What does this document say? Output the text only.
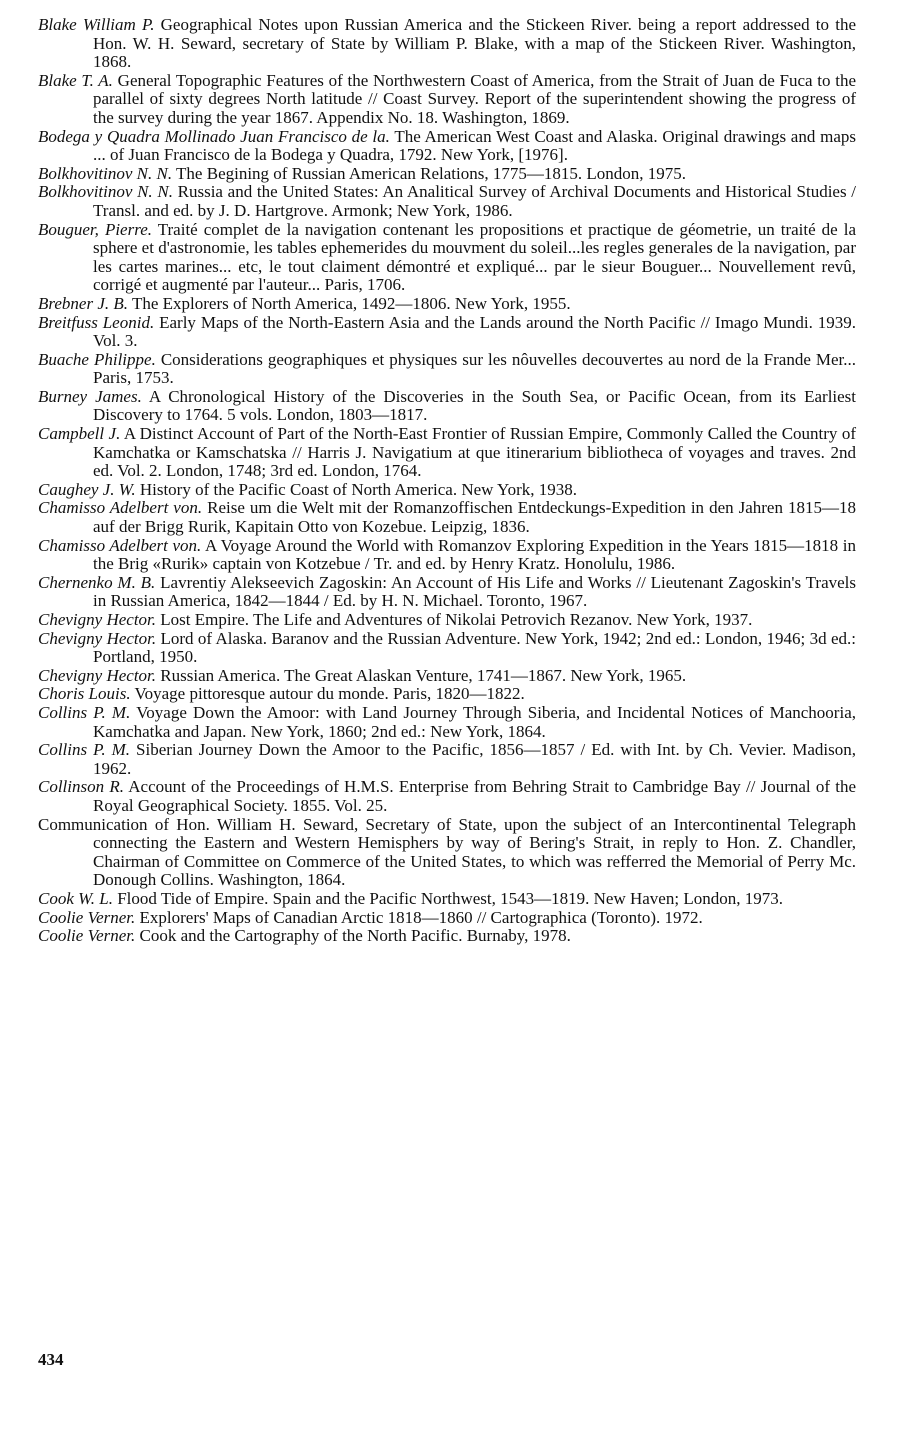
Blake William P. Geographical Notes upon Russian America and the Stickeen River. being a report addressed to the Hon. W. H. Seward, secretary of State by William P. Blake, with a map of the Stickeen River. Washington, 1868.

Blake T. A. General Topographic Features of the Northwestern Coast of America, from the Strait of Juan de Fuca to the parallel of sixty degrees North latitude // Coast Survey. Report of the superintendent showing the progress of the survey during the year 1867. Appendix No. 18. Washington, 1869.

Bodega y Quadra Mollinado Juan Francisco de la. The American West Coast and Alaska. Original drawings and maps ... of Juan Francisco de la Bodega y Quadra, 1792. New York, [1976].

Bolkhovitinov N. N. The Begining of Russian American Relations, 1775—1815. London, 1975.

Bolkhovitinov N. N. Russia and the United States: An Analitical Survey of Archival Documents and Historical Studies / Transl. and ed. by J. D. Hartgrove. Armonk; New York, 1986.

Bouguer, Pierre. Traité complet de la navigation contenant les propositions et practique de géometrie, un traité de la sphere et d'astronomie, les tables ephemerides du mouvment du soleil...les regles generales de la navigation, par les cartes marines... etc, le tout claiment démontré et expliqué... par le sieur Bouguer... Nouvellement revû, corrigé et augmenté par l'auteur... Paris, 1706.

Brebner J. B. The Explorers of North America, 1492—1806. New York, 1955.

Breitfuss Leonid. Early Maps of the North-Eastern Asia and the Lands around the North Pacific // Imago Mundi. 1939. Vol. 3.

Buache Philippe. Considerations geographiques et physiques sur les nôuvelles decouvertes au nord de la Frande Mer... Paris, 1753.

Burney James. A Chronological History of the Discoveries in the South Sea, or Pacific Ocean, from its Earliest Discovery to 1764. 5 vols. London, 1803—1817.

Campbell J. A Distinct Account of Part of the North-East Frontier of Russian Empire, Commonly Called the Country of Kamchatka or Kamschatska // Harris J. Navigatium at que itinerarium bibliotheca of voyages and traves. 2nd ed. Vol. 2. London, 1748; 3rd ed. London, 1764.

Caughey J. W. History of the Pacific Coast of North America. New York, 1938.

Chamisso Adelbert von. Reise um die Welt mit der Romanzoffischen Entdeckungs-Expedition in den Jahren 1815—18 auf der Brigg Rurik, Kapitain Otto von Kozebue. Leipzig, 1836.

Chamisso Adelbert von. A Voyage Around the World with Romanzov Exploring Expedition in the Years 1815—1818 in the Brig «Rurik» captain von Kotzebue / Tr. and ed. by Henry Kratz. Honolulu, 1986.

Chernenko M. B. Lavrentiy Alekseevich Zagoskin: An Account of His Life and Works // Lieutenant Zagoskin's Travels in Russian America, 1842—1844 / Ed. by H. N. Michael. Toronto, 1967.

Chevigny Hector. Lost Empire. The Life and Adventures of Nikolai Petrovich Rezanov. New York, 1937.

Chevigny Hector. Lord of Alaska. Baranov and the Russian Adventure. New York, 1942; 2nd ed.: London, 1946; 3d ed.: Portland, 1950.

Chevigny Hector. Russian America. The Great Alaskan Venture, 1741—1867. New York, 1965.

Choris Louis. Voyage pittoresque autour du monde. Paris, 1820—1822.

Collins P. M. Voyage Down the Amoor: with Land Journey Through Siberia, and Incidental Notices of Manchooria, Kamchatka and Japan. New York, 1860; 2nd ed.: New York, 1864.

Collins P. M. Siberian Journey Down the Amoor to the Pacific, 1856—1857 / Ed. with Int. by Ch. Vevier. Madison, 1962.

Collinson R. Account of the Proceedings of H.M.S. Enterprise from Behring Strait to Cambridge Bay // Journal of the Royal Geographical Society. 1855. Vol. 25.

Communication of Hon. William H. Seward, Secretary of State, upon the subject of an Intercontinental Telegraph connecting the Eastern and Western Hemisphers by way of Bering's Strait, in reply to Hon. Z. Chandler, Chairman of Committee on Commerce of the United States, to which was refferred the Memorial of Perry Mc. Donough Collins. Washington, 1864.

Cook W. L. Flood Tide of Empire. Spain and the Pacific Northwest, 1543—1819. New Haven; London, 1973.

Coolie Verner. Explorers' Maps of Canadian Arctic 1818—1860 // Cartographica (Toronto). 1972.

Coolie Verner. Cook and the Cartography of the North Pacific. Burnaby, 1978.

434
